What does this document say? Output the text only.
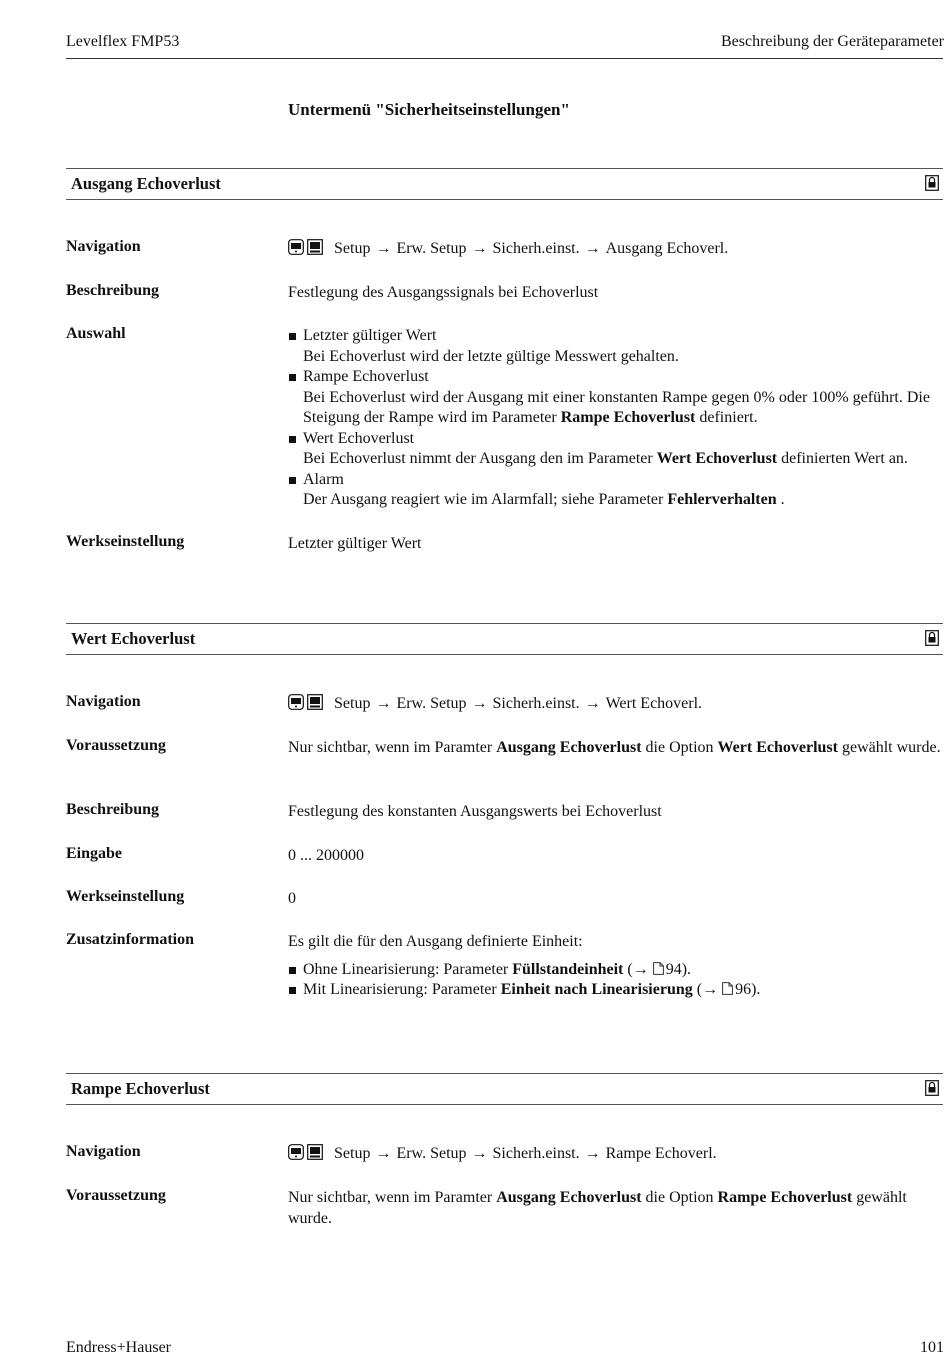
Levelflex FMP53	Beschreibung der Geräteparameter
Untermenü "Sicherheitseinstellungen"
Ausgang Echoverlust
Navigation	Setup → Erw. Setup → Sicherh.einst. → Ausgang Echoverl.
Beschreibung	Festlegung des Ausgangssignals bei Echoverlust
Auswahl	Letzter gültiger Wert
Bei Echoverlust wird der letzte gültige Messwert gehalten.
Rampe Echoverlust
Bei Echoverlust wird der Ausgang mit einer konstanten Rampe gegen 0% oder 100% geführt. Die Steigung der Rampe wird im Parameter Rampe Echoverlust definiert.
Wert Echoverlust
Bei Echoverlust nimmt der Ausgang den im Parameter Wert Echoverlust definierten Wert an.
Alarm
Der Ausgang reagiert wie im Alarmfall; siehe Parameter Fehlerverhalten .
Werkseinstellung	Letzter gültiger Wert
Wert Echoverlust
Navigation	Setup → Erw. Setup → Sicherh.einst. → Wert Echoverl.
Voraussetzung	Nur sichtbar, wenn im Paramter Ausgang Echoverlust die Option Wert Echoverlust gewählt wurde.
Beschreibung	Festlegung des konstanten Ausgangswerts bei Echoverlust
Eingabe	0 ... 200000
Werkseinstellung	0
Zusatzinformation	Es gilt die für den Ausgang definierte Einheit:
Ohne Linearisierung: Parameter Füllstandeinheit (→ 94).
Mit Linearisierung: Parameter Einheit nach Linearisierung (→ 96).
Rampe Echoverlust
Navigation	Setup → Erw. Setup → Sicherh.einst. → Rampe Echoverl.
Voraussetzung	Nur sichtbar, wenn im Paramter Ausgang Echoverlust die Option Rampe Echoverlust gewählt wurde.
Endress+Hauser	101
